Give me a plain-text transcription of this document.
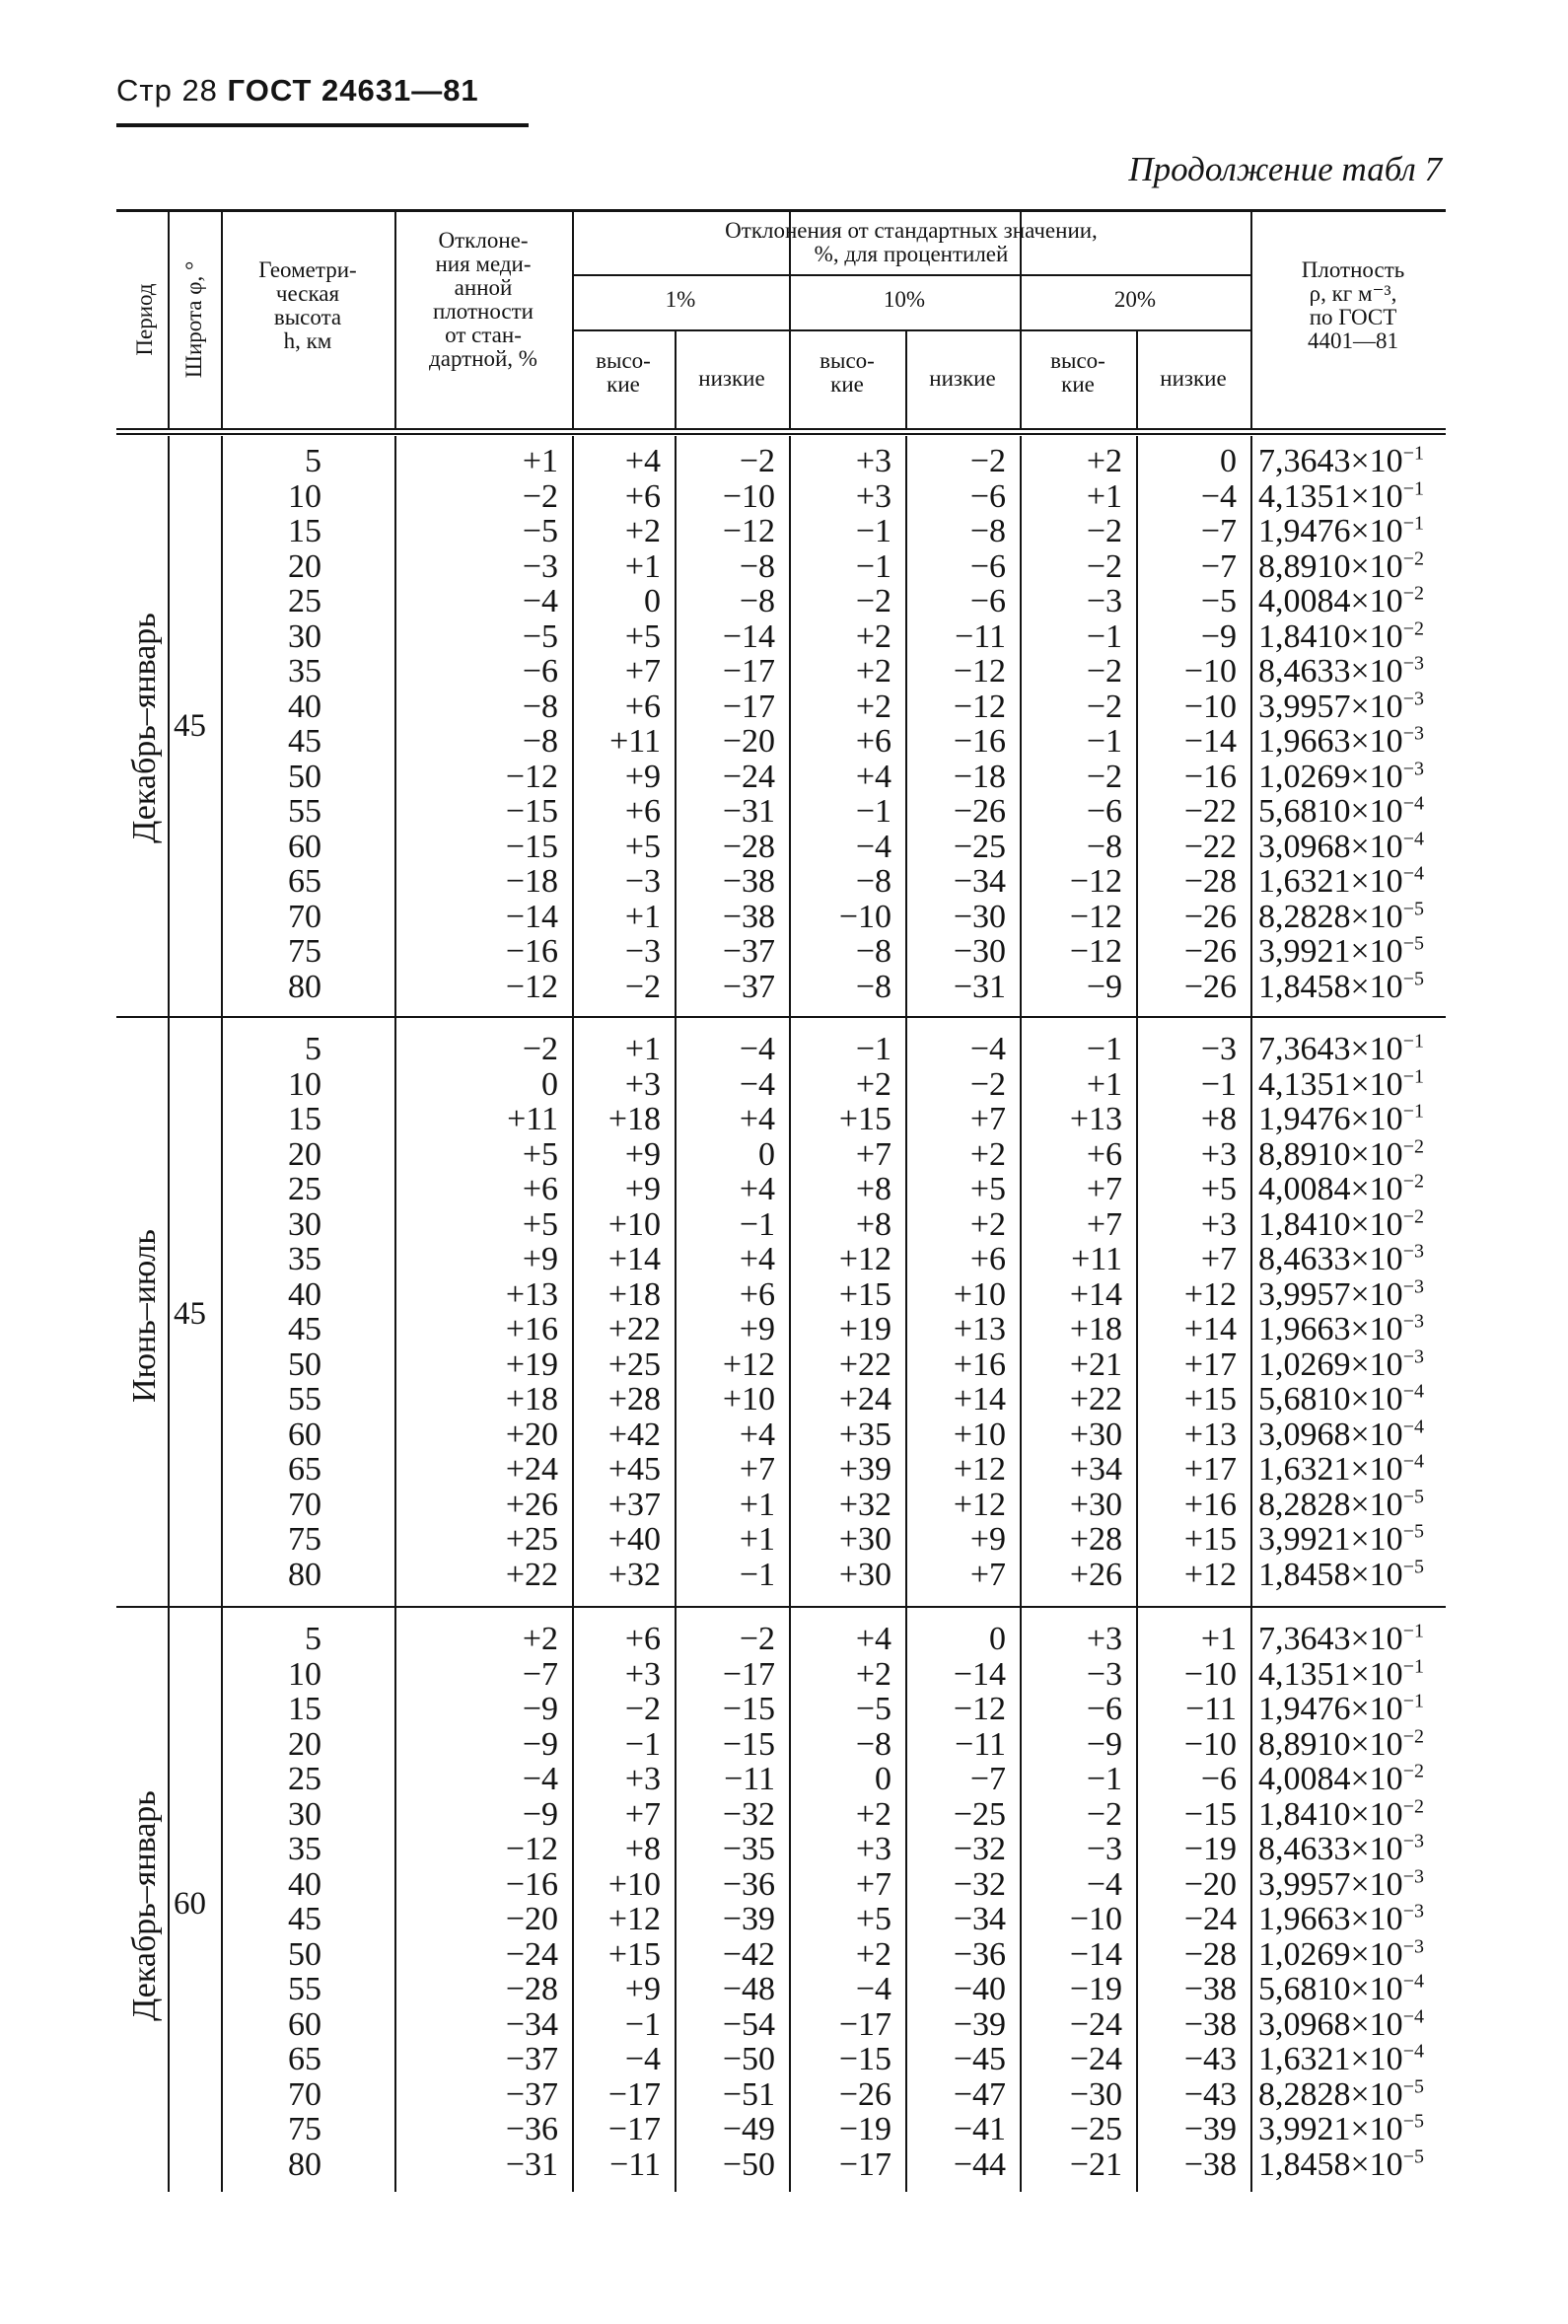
Стр 28 ГОСТ 24631—81
Продолжение табл 7
Период Широта φ, °	Геометри-
ческая
высота
h, км
Отклоне-
ния меди-
анной
плотности
от стан-
дартной, %
Отклонения от стандартных значении,
%, для процентилей
1%
высо-
кие	низкие
10%
высо-
кие	низкие
20%
высо-
кие	низкие
Плотность
ρ, кг м⁻³,
по ГОСТ
4401—81
Декабрь–январь 45
5	+1	+4	−2	+3	−2	+2	0 $7,3643\times 10^{-1}$
10	−2	+6	−10	+3	−6	+1	−4 $4,1351\times 10^{-1}$
15	−5	+2	−12	−1	−8	−2	−7 $1,9476\times 10^{-1}$
20	−3	+1	−8	−1	−6	−2	−7 $8,8910\times 10^{-2}$
25	−4	0	−8	−2	−6	−3	−5 $4,0084\times 10^{-2}$
30	−5	+5	−14	+2	−11	−1	−9 $1,8410\times 10^{-2}$
35	−6	+7	−17	+2	−12	−2	−10 $8,4633\times 10^{-3}$
40	−8	+6	−17	+2	−12	−2	−10 $3,9957\times 10^{-3}$
45	−8	+11	−20	+6	−16	−1	−14 $1,9663\times 10^{-3}$
50	−12	+9	−24	+4	−18	−2	−16 $1,0269\times 10^{-3}$
55	−15	+6	−31	−1	−26	−6	−22 $5,6810\times 10^{-4}$
60	−15	+5	−28	−4	−25	−8	−22 $3,0968\times 10^{-4}$
65	−18	−3	−38	−8	−34	−12	−28 $1,6321\times 10^{-4}$
70	−14	+1	−38	−10	−30	−12	−26 $8,2828\times 10^{-5}$
75	−16	−3	−37	−8	−30	−12	−26 $3,9921\times 10^{-5}$
80	−12	−2	−37	−8	−31	−9	−26 $1,8458\times 10^{-5}$
Июнь–июль 45
5	−2	+1	−4	−1	−4	−1	−3 $7,3643\times 10^{-1}$
10	0	+3	−4	+2	−2	+1	−1 $4,1351\times 10^{-1}$
15	+11	+18	+4	+15	+7	+13	+8 $1,9476\times 10^{-1}$
20	+5	+9	0	+7	+2	+6	+3 $8,8910\times 10^{-2}$
25	+6	+9	+4	+8	+5	+7	+5 $4,0084\times 10^{-2}$
30	+5	+10	−1	+8	+2	+7	+3 $1,8410\times 10^{-2}$
35	+9	+14	+4	+12	+6	+11	+7 $8,4633\times 10^{-3}$
40	+13	+18	+6	+15	+10	+14	+12 $3,9957\times 10^{-3}$
45	+16	+22	+9	+19	+13	+18	+14 $1,9663\times 10^{-3}$
50	+19	+25	+12	+22	+16	+21	+17 $1,0269\times 10^{-3}$
55	+18	+28	+10	+24	+14	+22	+15 $5,6810\times 10^{-4}$
60	+20	+42	+4	+35	+10	+30	+13 $3,0968\times 10^{-4}$
65	+24	+45	+7	+39	+12	+34	+17 $1,6321\times 10^{-4}$
70	+26	+37	+1	+32	+12	+30	+16 $8,2828\times 10^{-5}$
75	+25	+40	+1	+30	+9	+28	+15 $3,9921\times 10^{-5}$
80	+22	+32	−1	+30	+7	+26	+12 $1,8458\times 10^{-5}$
Декабрь–январь 60
5	+2	+6	−2	+4	0	+3	+1 $7,3643\times 10^{-1}$
10	−7	+3	−17	+2	−14	−3	−10 $4,1351\times 10^{-1}$
15	−9	−2	−15	−5	−12	−6	−11 $1,9476\times 10^{-1}$
20	−9	−1	−15	−8	−11	−9	−10 $8,8910\times 10^{-2}$
25	−4	+3	−11	0	−7	−1	−6 $4,0084\times 10^{-2}$
30	−9	+7	−32	+2	−25	−2	−15 $1,8410\times 10^{-2}$
35	−12	+8	−35	+3	−32	−3	−19 $8,4633\times 10^{-3}$
40	−16	+10	−36	+7	−32	−4	−20 $3,9957\times 10^{-3}$
45	−20	+12	−39	+5	−34	−10	−24 $1,9663\times 10^{-3}$
50	−24	+15	−42	+2	−36	−14	−28 $1,0269\times 10^{-3}$
55	−28	+9	−48	−4	−40	−19	−38 $5,6810\times 10^{-4}$
60	−34	−1	−54	−17	−39	−24	−38 $3,0968\times 10^{-4}$
65	−37	−4	−50	−15	−45	−24	−43 $1,6321\times 10^{-4}$
70	−37	−17	−51	−26	−47	−30	−43 $8,2828\times 10^{-5}$
75	−36	−17	−49	−19	−41	−25	−39 $3,9921\times 10^{-5}$
80	−31	−11	−50	−17	−44	−21	−38 $1,8458\times 10^{-5}$
